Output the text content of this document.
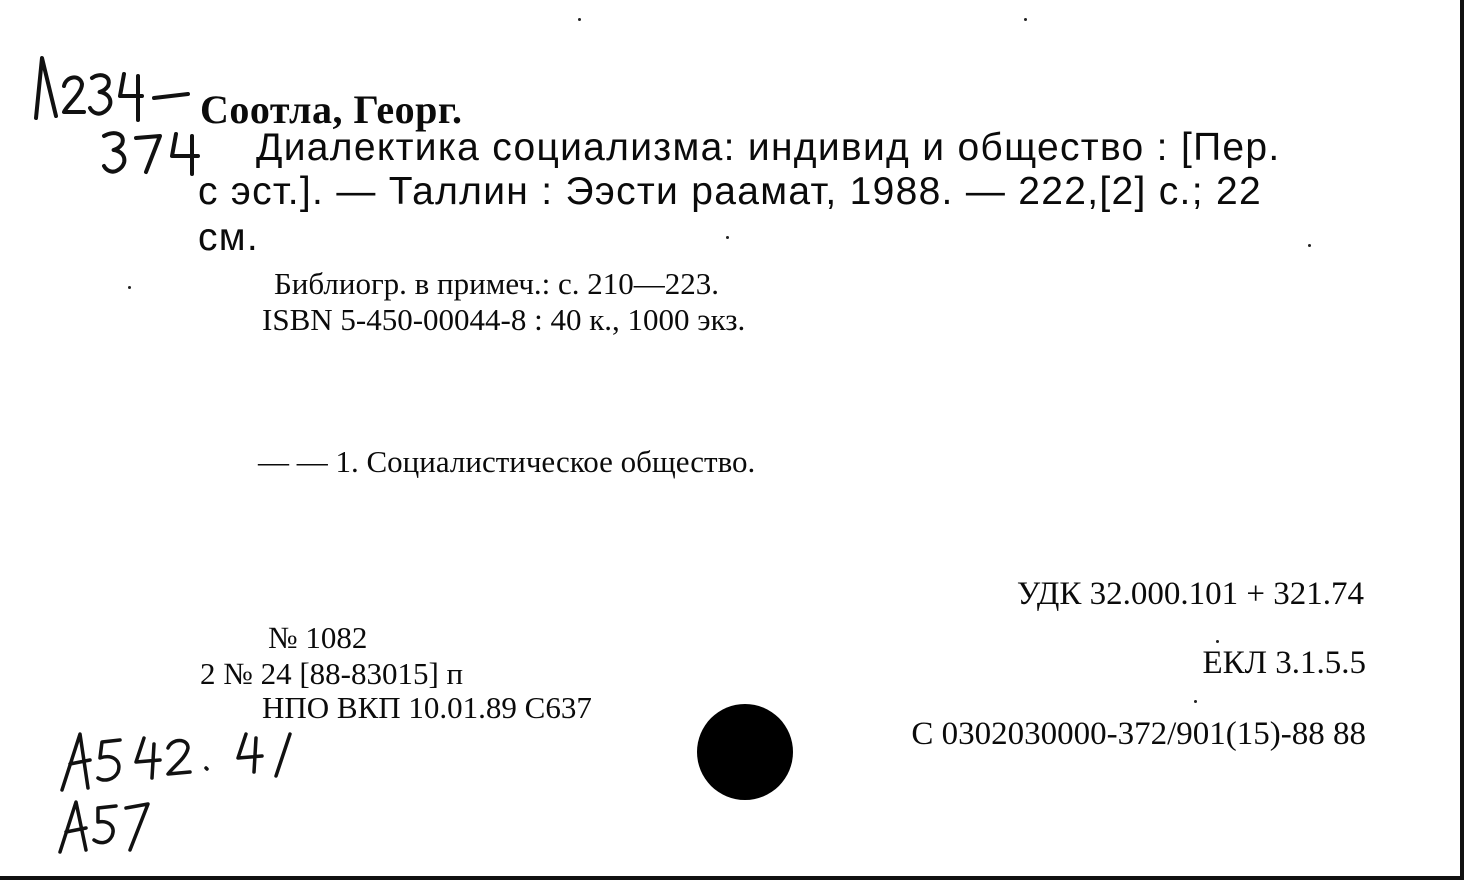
Соотла, Георг.

Диалектика социализма: индивид и общество : [Пер.

с эст.]. — Таллин : Ээсти раамат, 1988. — 222,[2] с.; 22

см.

Библиогр. в примеч.: с. 210—223.

ISBN 5-450-00044-8 : 40 к., 1000 экз.

— — 1. Социалистическое общество.

№ 1082

2 № 24 [88-83015] п

НПО ВКП 10.01.89 С637

УДК 32.000.101 + 321.74

ЕКЛ 3.1.5.5

С 0302030000-372/901(15)-88 88
